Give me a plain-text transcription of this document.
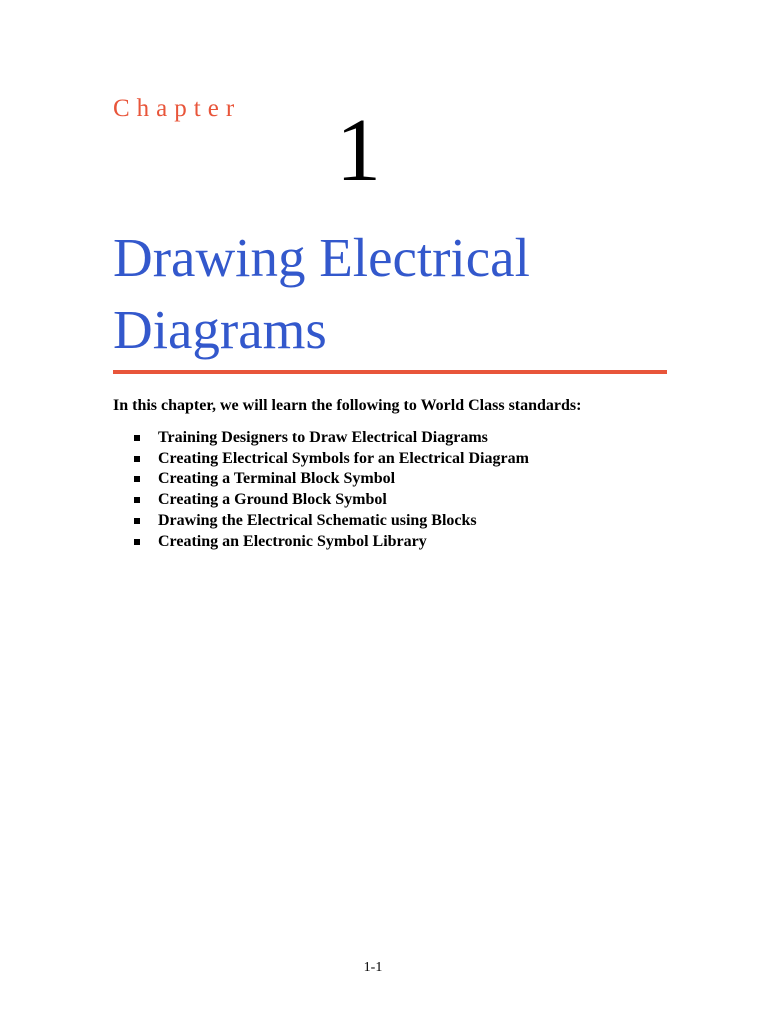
Chapter 1
Drawing Electrical
Diagrams

In this chapter, we will learn the following to World Class standards:

Training Designers to Draw Electrical Diagrams
Creating Electrical Symbols for an Electrical Diagram
Creating a Terminal Block Symbol
Creating a Ground Block Symbol
Drawing the Electrical Schematic using Blocks
Creating an Electronic Symbol Library
1-1
